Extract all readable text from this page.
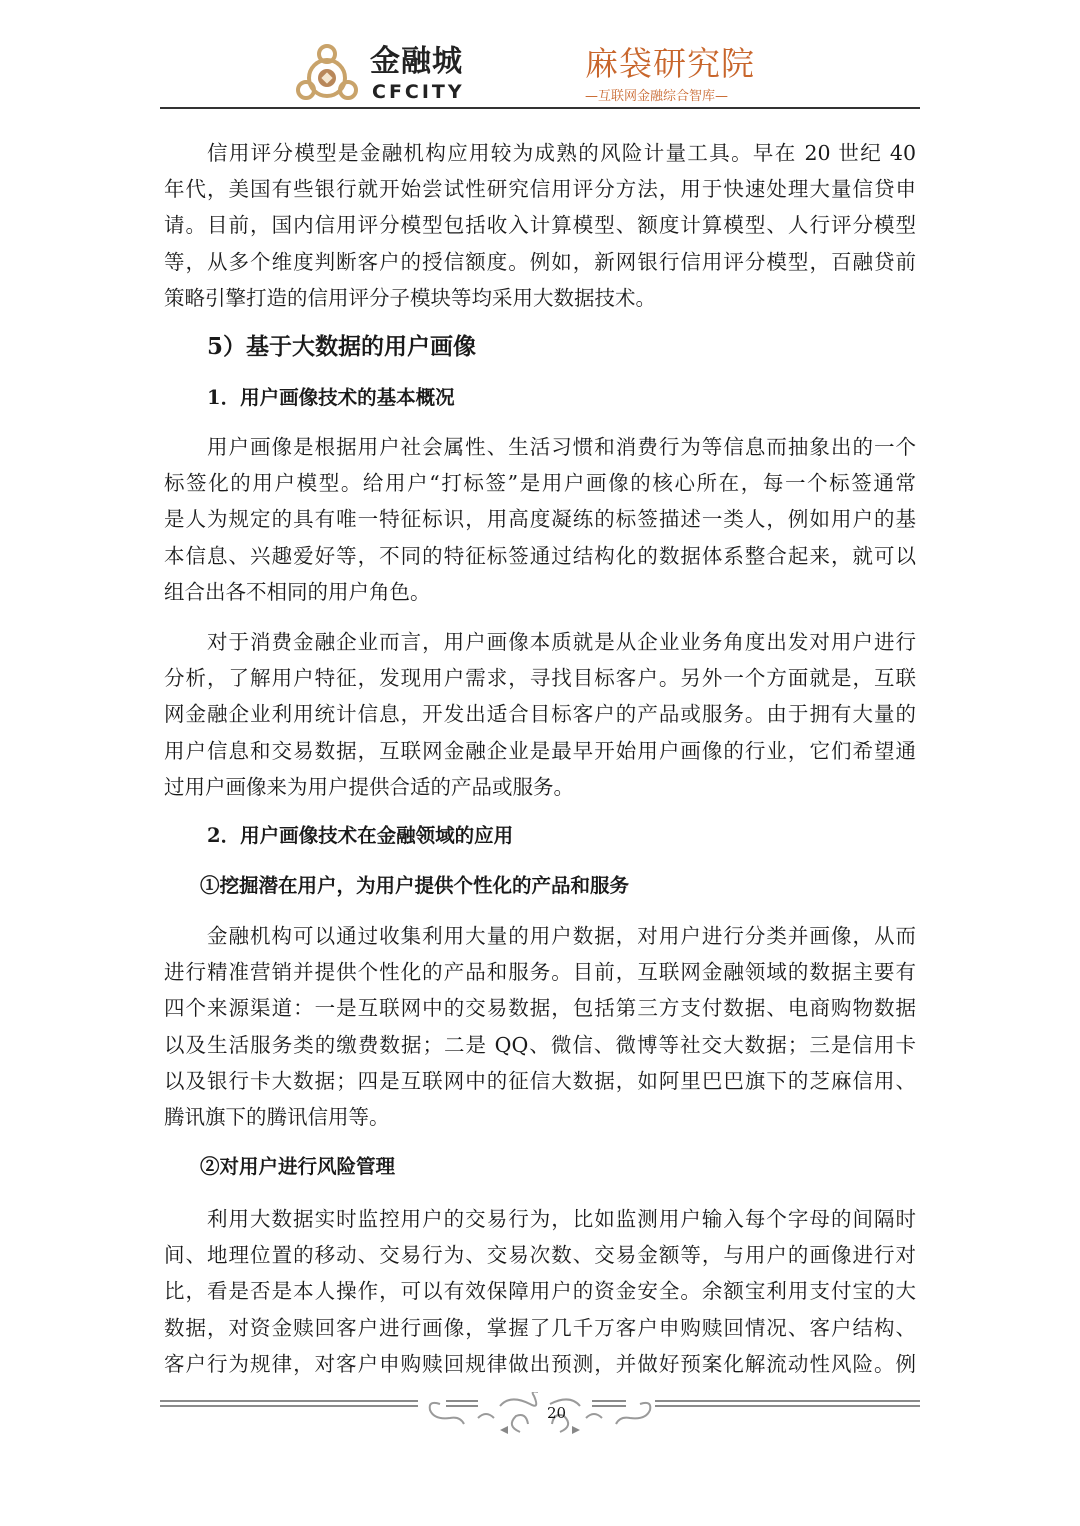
金融城
CFCITY
麻袋研究院
—互联网金融综合智库—
信用评分模型是金融机构应用较为成熟的风险计量工具。早在 20 世纪 40
年代，美国有些银行就开始尝试性研究信用评分方法，用于快速处理大量信贷申
请。目前，国内信用评分模型包括收入计算模型、额度计算模型、人行评分模型
等，从多个维度判断客户的授信额度。例如，新网银行信用评分模型，百融贷前
策略引擎打造的信用评分子模块等均采用大数据技术。
5）基于大数据的用户画像
1．用户画像技术的基本概况
用户画像是根据用户社会属性、生活习惯和消费行为等信息而抽象出的一个
标签化的用户模型。给用户“打标签”是用户画像的核心所在，每一个标签通常
是人为规定的具有唯一特征标识，用高度凝练的标签描述一类人，例如用户的基
本信息、兴趣爱好等，不同的特征标签通过结构化的数据体系整合起来，就可以
组合出各不相同的用户角色。
对于消费金融企业而言，用户画像本质就是从企业业务角度出发对用户进行
分析，了解用户特征，发现用户需求，寻找目标客户。另外一个方面就是，互联
网金融企业利用统计信息，开发出适合目标客户的产品或服务。由于拥有大量的
用户信息和交易数据，互联网金融企业是最早开始用户画像的行业，它们希望通
过用户画像来为用户提供合适的产品或服务。
2．用户画像技术在金融领域的应用
①挖掘潜在用户，为用户提供个性化的产品和服务
金融机构可以通过收集利用大量的用户数据，对用户进行分类并画像，从而
进行精准营销并提供个性化的产品和服务。目前，互联网金融领域的数据主要有
四个来源渠道：一是互联网中的交易数据，包括第三方支付数据、电商购物数据
以及生活服务类的缴费数据；二是 QQ、微信、微博等社交大数据；三是信用卡
以及银行卡大数据；四是互联网中的征信大数据，如阿里巴巴旗下的芝麻信用、
腾讯旗下的腾讯信用等。
②对用户进行风险管理
利用大数据实时监控用户的交易行为，比如监测用户输入每个字母的间隔时
间、地理位置的移动、交易行为、交易次数、交易金额等，与用户的画像进行对
比，看是否是本人操作，可以有效保障用户的资金安全。余额宝利用支付宝的大
数据，对资金赎回客户进行画像，掌握了几千万客户申购赎回情况、客户结构、
客户行为规律，对客户申购赎回规律做出预测，并做好预案化解流动性风险。例
20
